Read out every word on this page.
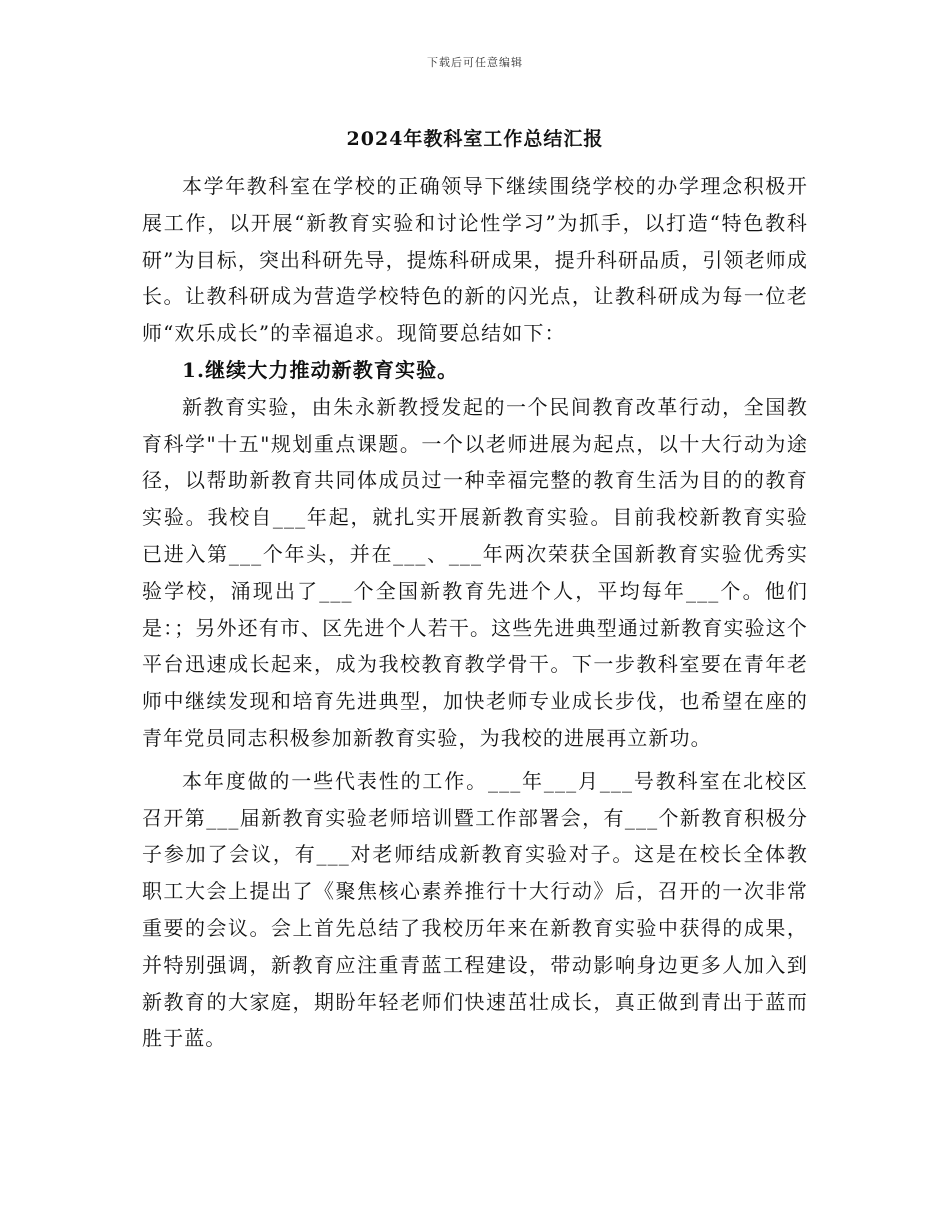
下载后可任意编辑
2024年教科室工作总结汇报

本学年教科室在学校的正确领导下继续围绕学校的办学理念积极开展工作，以开展“新教育实验和讨论性学习”为抓手，以打造“特色教科研”为目标，突出科研先导，提炼科研成果，提升科研品质，引领老师成长。让教科研成为营造学校特色的新的闪光点，让教科研成为每一位老师“欢乐成长”的幸福追求。现简要总结如下：

1.继续大力推动新教育实验。

新教育实验，由朱永新教授发起的一个民间教育改革行动，全国教育科学"十五"规划重点课题。一个以老师进展为起点，以十大行动为途径，以帮助新教育共同体成员过一种幸福完整的教育生活为目的的教育实验。我校自___年起，就扎实开展新教育实验。目前我校新教育实验已进入第___个年头，并在___、___年两次荣获全国新教育实验优秀实验学校，涌现出了___个全国新教育先进个人，平均每年___个。他们是：；另外还有市、区先进个人若干。这些先进典型通过新教育实验这个平台迅速成长起来，成为我校教育教学骨干。下一步教科室要在青年老师中继续发现和培育先进典型，加快老师专业成长步伐，也希望在座的青年党员同志积极参加新教育实验，为我校的进展再立新功。

本年度做的一些代表性的工作。___年___月___号教科室在北校区召开第___届新教育实验老师培训暨工作部署会，有___个新教育积极分子参加了会议，有___对老师结成新教育实验对子。这是在校长全体教职工大会上提出了《聚焦核心素养推行十大行动》后，召开的一次非常重要的会议。会上首先总结了我校历年来在新教育实验中获得的成果，并特别强调，新教育应注重青蓝工程建设，带动影响身边更多人加入到新教育的大家庭，期盼年轻老师们快速茁壮成长，真正做到青出于蓝而胜于蓝。
